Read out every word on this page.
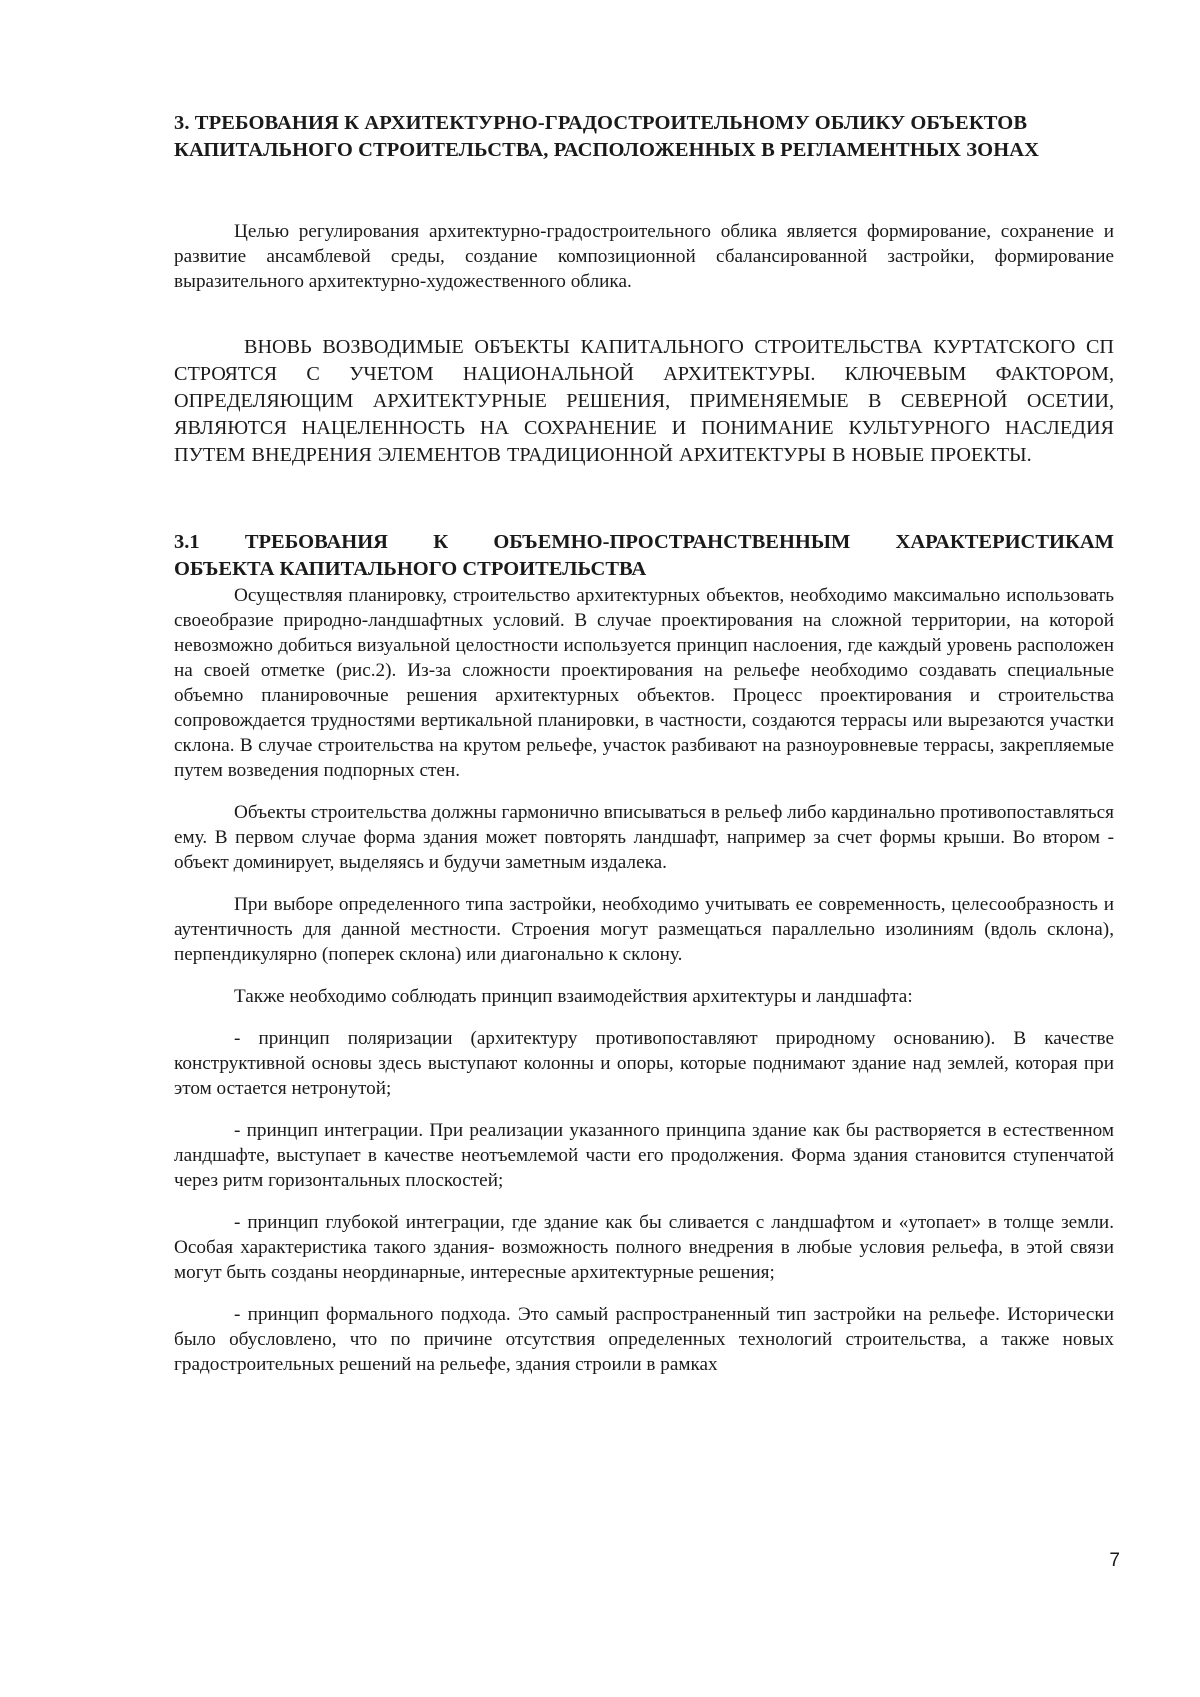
3. ТРЕБОВАНИЯ К АРХИТЕКТУРНО-ГРАДОСТРОИТЕЛЬНОМУ ОБЛИКУ ОБЪЕКТОВ
КАПИТАЛЬНОГО СТРОИТЕЛЬСТВА, РАСПОЛОЖЕННЫХ В РЕГЛАМЕНТНЫХ ЗОНАХ

Целью регулирования архитектурно-градостроительного облика является формирование, сохранение и развитие ансамблевой среды, создание композиционной сбалансированной застройки, формирование выразительного архитектурно-художественного облика.

ВНОВЬ ВОЗВОДИМЫЕ ОБЪЕКТЫ КАПИТАЛЬНОГО СТРОИТЕЛЬСТВА КУРТАТСКОГО СП СТРОЯТСЯ С УЧЕТОМ НАЦИОНАЛЬНОЙ АРХИТЕКТУРЫ. КЛЮЧЕВЫМ ФАКТОРОМ, ОПРЕДЕЛЯЮЩИМ АРХИТЕКТУРНЫЕ РЕШЕНИЯ, ПРИМЕНЯЕМЫЕ В СЕВЕРНОЙ ОСЕТИИ, ЯВЛЯЮТСЯ НАЦЕЛЕННОСТЬ НА СОХРАНЕНИЕ И ПОНИМАНИЕ КУЛЬТУРНОГО НАСЛЕДИЯ ПУТЕМ ВНЕДРЕНИЯ ЭЛЕМЕНТОВ ТРАДИЦИОННОЙ АРХИТЕКТУРЫ В НОВЫЕ ПРОЕКТЫ.

3.1 ТРЕБОВАНИЯ К ОБЪЕМНО-ПРОСТРАНСТВЕННЫМ ХАРАКТЕРИСТИКАМ
ОБЪЕКТА КАПИТАЛЬНОГО СТРОИТЕЛЬСТВА

Осуществляя планировку, строительство архитектурных объектов, необходимо максимально использовать своеобразие природно-ландшафтных условий. В случае проектирования на сложной территории, на которой невозможно добиться визуальной целостности используется принцип наслоения, где каждый уровень расположен на своей отметке (рис.2). Из-за сложности проектирования на рельефе необходимо создавать специальные объемно планировочные решения архитектурных объектов. Процесс проектирования и строительства сопровождается трудностями вертикальной планировки, в частности, создаются террасы или вырезаются участки склона. В случае строительства на крутом рельефе, участок разбивают на разноуровневые террасы, закрепляемые путем возведения подпорных стен.

Объекты строительства должны гармонично вписываться в рельеф либо кардинально противопоставляться ему. В первом случае форма здания может повторять ландшафт, например за счет формы крыши. Во втором - объект доминирует, выделяясь и будучи заметным издалека.

При выборе определенного типа застройки, необходимо учитывать ее современность, целесообразность и аутентичность для данной местности. Строения могут размещаться параллельно изолиниям (вдоль склона), перпендикулярно (поперек склона) или диагонально к склону.

Также необходимо соблюдать принцип взаимодействия архитектуры и ландшафта:

- принцип поляризации (архитектуру противопоставляют природному основанию). В качестве конструктивной основы здесь выступают колонны и опоры, которые поднимают здание над землей, которая при этом остается нетронутой;

- принцип интеграции. При реализации указанного принципа здание как бы растворяется в естественном ландшафте, выступает в качестве неотъемлемой части его продолжения. Форма здания становится ступенчатой через ритм горизонтальных плоскостей;

- принцип глубокой интеграции, где здание как бы сливается с ландшафтом и «утопает» в толще земли. Особая характеристика такого здания- возможность полного внедрения в любые условия рельефа, в этой связи могут быть созданы неординарные, интересные архитектурные решения;

- принцип формального подхода. Это самый распространенный тип застройки на рельефе. Исторически было обусловлено, что по причине отсутствия определенных технологий строительства, а также новых градостроительных решений на рельефе, здания строили в рамках

7
